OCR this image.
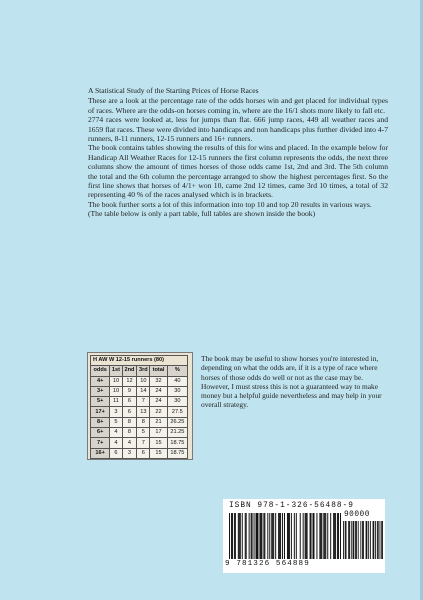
A Statistical Study of the Starting Prices of Horse Races

These are a look at the percentage rate of the odds horses win and get placed for individual types of races. Where are the odds-on horses coming in, where are the 16/1 shots more likely to fall etc.

2774 races were looked at, less for jumps than flat. 666 jump races, 449 all weather races and 1659 flat races. These were divided into handicaps and non handicaps plus further divided into 4-7 runners, 8-11 runners, 12-15 runners and 16+ runners.

The book contains tables showing the results of this for wins and placed. In the example below for Handicap All Weather Races for 12-15 runners the first column represents the odds, the next three columns show the amount of times horses of those odds came 1st, 2nd and 3rd. The 5th column the total and the 6th column the percentage arranged to show the highest percentages first. So the first line shows that horses of 4/1+ won 10, came 2nd 12 times, came 3rd 10 times, a total of 32 representing 40 % of the races analysed which is in brackets.

The book further sorts a lot of this information into top 10 and top 20 results in various ways.

(The table below is only a part table, full tables are shown inside the book)

H AW W 12-15 runners (80)					
odds	1st	2nd	3rd	total	%
4+	10	12	10	32	40
3+	10	9	14	24	30
5+	11	6	7	24	30
17+	3	6	13	22	27.5
8+	5	8	8	21	26.25
6+	4	8	5	17	21.25
7+	4	4	7	15	18.75
16+	6	3	6	15	18.75
The book may be useful to show horses you're interested in, depending on what the odds are, if it is a type of race where horses of those odds do well or not as the case may be. However, I must stress this is not a guaranteed way to make money but a helpful guide nevertheless and may help in your overall strategy.
ISBN 978-1-326-56488-9
90000
9 781326 564889
